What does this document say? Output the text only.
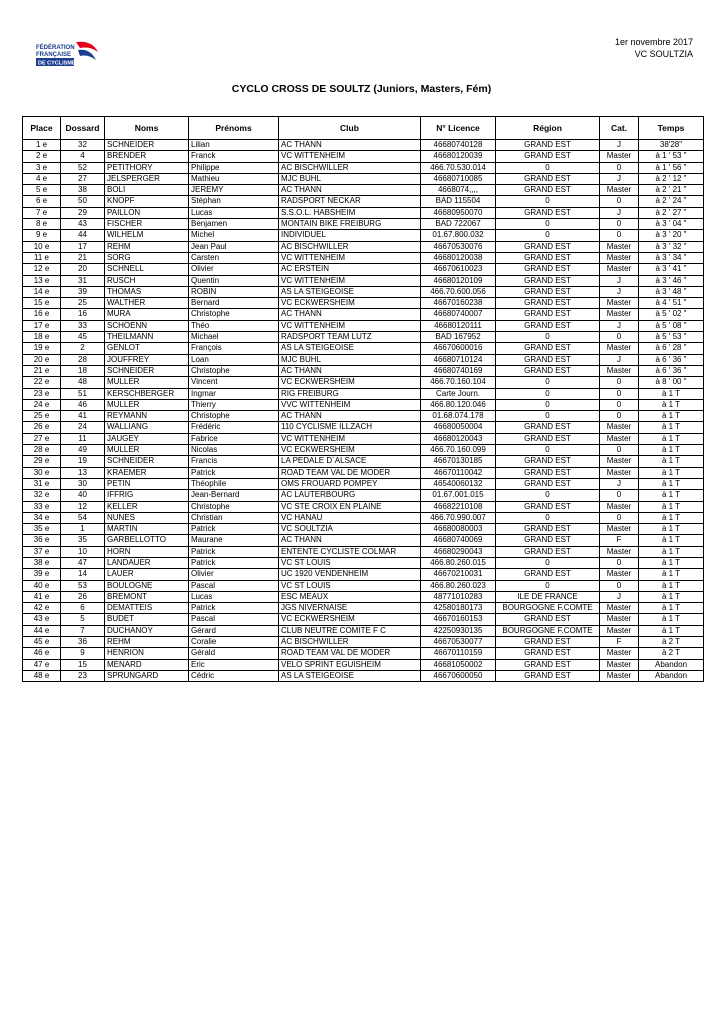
FÉDÉRATION
FRANÇAISE
DE CYCLISME
1er novembre 2017
VC SOULTZIA
CYCLO CROSS DE SOULTZ (Juniors, Masters, Fém)
Place	Dossard	Noms	Prénoms	Club	N° Licence	Région	Cat.	Temps
1 e	32	SCHNEIDER	Lilian	AC THANN	46680740128	GRAND EST	J	38'28"
2 e	4	BRENDER	Franck	VC WITTENHEIM	46680120039	GRAND EST	Master	à 1 ' 53 "
3 e	52	PETITHORY	Philippe	AC BISCHWILLER	466.70.530.014	0	0	à 1 ' 56 "
4 e	27	JELSPERGER	Mathieu	MJC BUHL	46680710085	GRAND EST	J	à 2 ' 12 "
5 e	38	BOLI	JEREMY	AC THANN	4668074,,,,	GRAND EST	Master	à 2 ' 21 "
6 e	50	KNOPF	Stéphan	RADSPORT NECKAR	BAD 115504	0	0	à 2 ' 24 "
7 e	29	PAILLON	Lucas	S.S.O.L. HABSHEIM	46680950070	GRAND EST	J	à 2 ' 27 "
8 e	43	FISCHER	Benjamen	MONTAIN BIKE FREIBURG	BAD 722067	0	0	à 3 ' 04 "
9 e	44	WILHELM	Michel	INDIVIDUEL	01.67.800.032	0	0	à 3 ' 20 "
10 e	17	REHM	Jean Paul	AC BISCHWILLER	46670530076	GRAND EST	Master	à 3 ' 32 "
11 e	21	SORG	Carsten	VC WITTENHEIM	46680120038	GRAND EST	Master	à 3 ' 34 "
12 e	20	SCHNELL	Olivier	AC ERSTEIN	46670610023	GRAND EST	Master	à 3 ' 41 "
13 e	31	RUSCH	Quentin	VC WITTENHEIM	46680120109	GRAND EST	J	à 3 ' 46 "
14 e	39	THOMAS	ROBIN	AS LA STEIGEOISE	466.70.600.056	GRAND EST	J	à 3 ' 48 "
15 e	25	WALTHER	Bernard	VC ECKWERSHEIM	46670160238	GRAND EST	Master	à 4 ' 51 "
16 e	16	MURA	Christophe	AC THANN	46680740007	GRAND EST	Master	à 5 ' 02 "
17 e	33	SCHOENN	Théo	VC WITTENHEIM	46680120111	GRAND EST	J	à 5 ' 08 "
18 e	45	THEILMANN	Michael	RADSPORT TEAM LUTZ	BAD 167952	0	0	à 5 ' 53 "
19 e	2	GENLOT	François	AS LA STEIGEOISE	46670600016	GRAND EST	Master	à 6 ' 28 "
20 e	28	JOUFFREY	Loan	MJC BUHL	46680710124	GRAND EST	J	à 6 ' 36 "
21 e	18	SCHNEIDER	Christophe	AC THANN	46680740169	GRAND EST	Master	à 6 ' 36 "
22 e	48	MULLER	Vincent	VC ECKWERSHEIM	466.70.160.104	0	0	à 8 ' 00 "
23 e	51	KERSCHBERGER	Ingmar	RIG FREIBURG	Carte Journ.	0	0	à 1 T
24 e	46	MULLER	Thierry	VVC WITTENHEIM	466.80.120.046	0	0	à 1 T
25 e	41	REYMANN	Christophe	AC THANN	01.68.074.178	0	0	à 1 T
26 e	24	WALLIANG	Frédéric	110 CYCLISME ILLZACH	46680050004	GRAND EST	Master	à 1 T
27 e	11	JAUGEY	Fabrice	VC WITTENHEIM	46680120043	GRAND EST	Master	à 1 T
28 e	49	MULLER	Nicolas	VC ECKWERSHEIM	466.70.160.099	0	0	à 1 T
29 e	19	SCHNEIDER	Francis	LA PEDALE D`ALSACE	46670130185	GRAND EST	Master	à 1 T
30 e	13	KRAEMER	Patrick	ROAD TEAM VAL DE MODER	46670110042	GRAND EST	Master	à 1 T
31 e	30	PETIN	Théophile	OMS FROUARD POMPEY	46540060132	GRAND EST	J	à 1 T
32 e	40	IFFRIG	Jean-Bernard	AC LAUTERBOURG	01.67.001.015	0	0	à 1 T
33 e	12	KELLER	Christophe	VC STE CROIX EN PLAINE	46682210108	GRAND EST	Master	à 1 T
34 e	54	NUNES	Christian	VC HANAU	466.70.990.007	0	0	à 1 T
35 e	1	MARTIN	Patrick	VC SOULTZIA	46680080003	GRAND EST	Master	à 1 T
36 e	35	GARBELLOTTO	Maurane	AC THANN	46680740069	GRAND EST	F	à 1 T
37 e	10	HORN	Patrick	ENTENTE CYCLISTE COLMAR	46680290043	GRAND EST	Master	à 1 T
38 e	47	LANDAUER	Patrick	VC ST LOUIS	466.80.260.015	0	0	à 1 T
39 e	14	LAUER	Olivier	UC 1920 VENDENHEIM	46670210031	GRAND EST	Master	à 1 T
40 e	53	BOULOGNE	Pascal	VC ST LOUIS	466.80.260.023	0	0	à 1 T
41 e	26	BREMONT	Lucas	ESC MEAUX	48771010283	ILE DE FRANCE	J	à 1 T
42 e	6	DEMATTEIS	Patrick	JGS NIVERNAISE	42580180173	BOURGOGNE F.COMTE	Master	à 1 T
43 e	5	BUDET	Pascal	VC ECKWERSHEIM	46670160153	GRAND EST	Master	à 1 T
44 e	7	DUCHANOY	Gérard	CLUB NEUTRE COMITE F C	42250930135	BOURGOGNE F.COMTE	Master	à 1 T
45 e	36	REHM	Coralie	AC BISCHWILLER	46670530077	GRAND EST	F	à 2 T
46 e	9	HENRION	Gérald	ROAD TEAM VAL DE MODER	46670110159	GRAND EST	Master	à 2 T
47 e	15	MENARD	Eric	VELO SPRINT EGUISHEIM	46681050002	GRAND EST	Master	Abandon
48 e	23	SPRUNGARD	Cédric	AS LA STEIGEOISE	46670600050	GRAND EST	Master	Abandon
